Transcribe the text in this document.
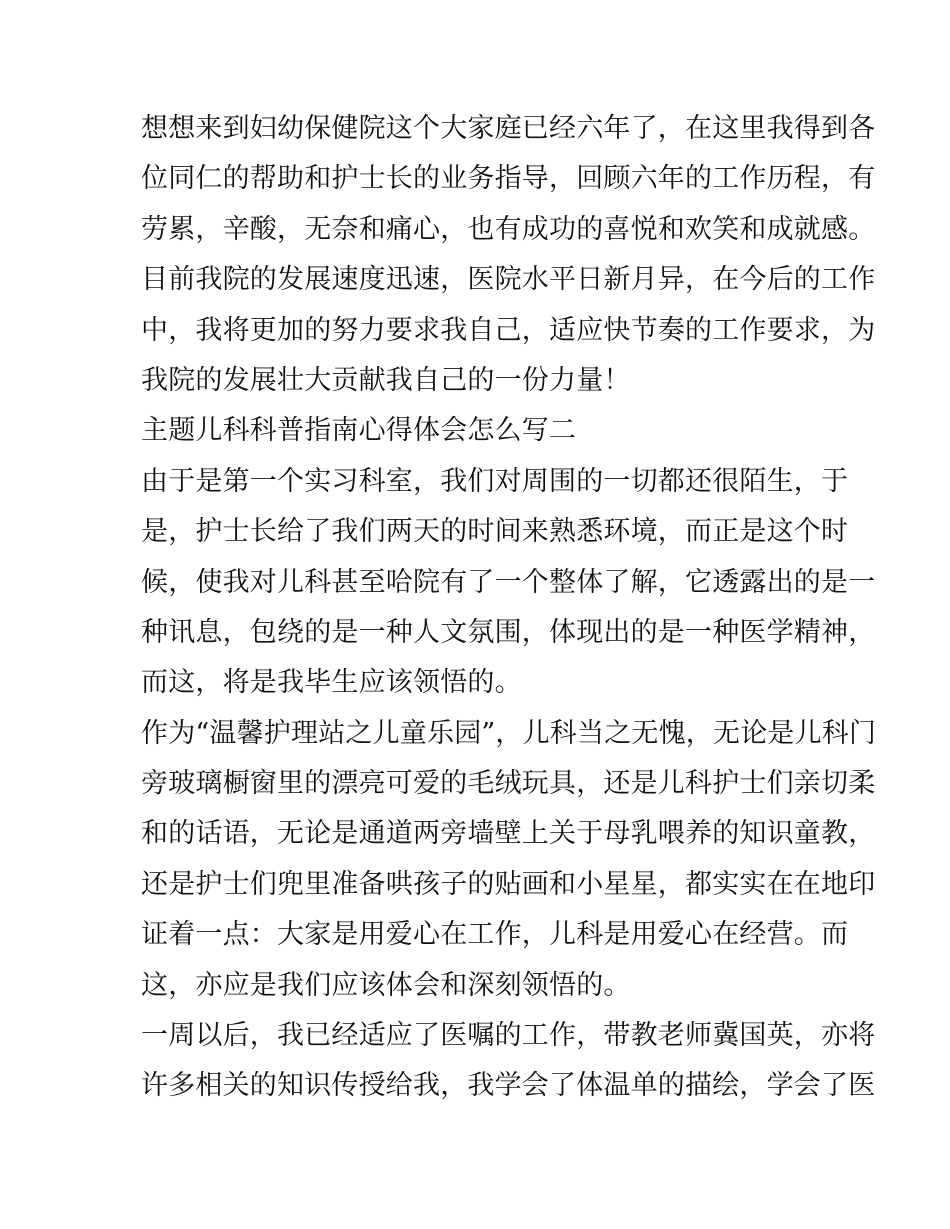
想想来到妇幼保健院这个大家庭已经六年了，在这里我得到各
位同仁的帮助和护士长的业务指导，回顾六年的工作历程，有
劳累，辛酸，无奈和痛心，也有成功的喜悦和欢笑和成就感。
目前我院的发展速度迅速，医院水平日新月异，在今后的工作
中，我将更加的努力要求我自己，适应快节奏的工作要求，为
我院的发展壮大贡献我自己的一份力量！
主题儿科科普指南心得体会怎么写二
由于是第一个实习科室，我们对周围的一切都还很陌生，于
是，护士长给了我们两天的时间来熟悉环境，而正是这个时
候，使我对儿科甚至哈院有了一个整体了解，它透露出的是一
种讯息，包绕的是一种人文氛围，体现出的是一种医学精神，
而这，将是我毕生应该领悟的。
作为“温馨护理站之儿童乐园”，儿科当之无愧，无论是儿科门
旁玻璃橱窗里的漂亮可爱的毛绒玩具，还是儿科护士们亲切柔
和的话语，无论是通道两旁墙壁上关于母乳喂养的知识童教，
还是护士们兜里准备哄孩子的贴画和小星星，都实实在在地印
证着一点：大家是用爱心在工作，儿科是用爱心在经营。而
这，亦应是我们应该体会和深刻领悟的。
一周以后，我已经适应了医嘱的工作，带教老师冀国英，亦将
许多相关的知识传授给我，我学会了体温单的描绘，学会了医
